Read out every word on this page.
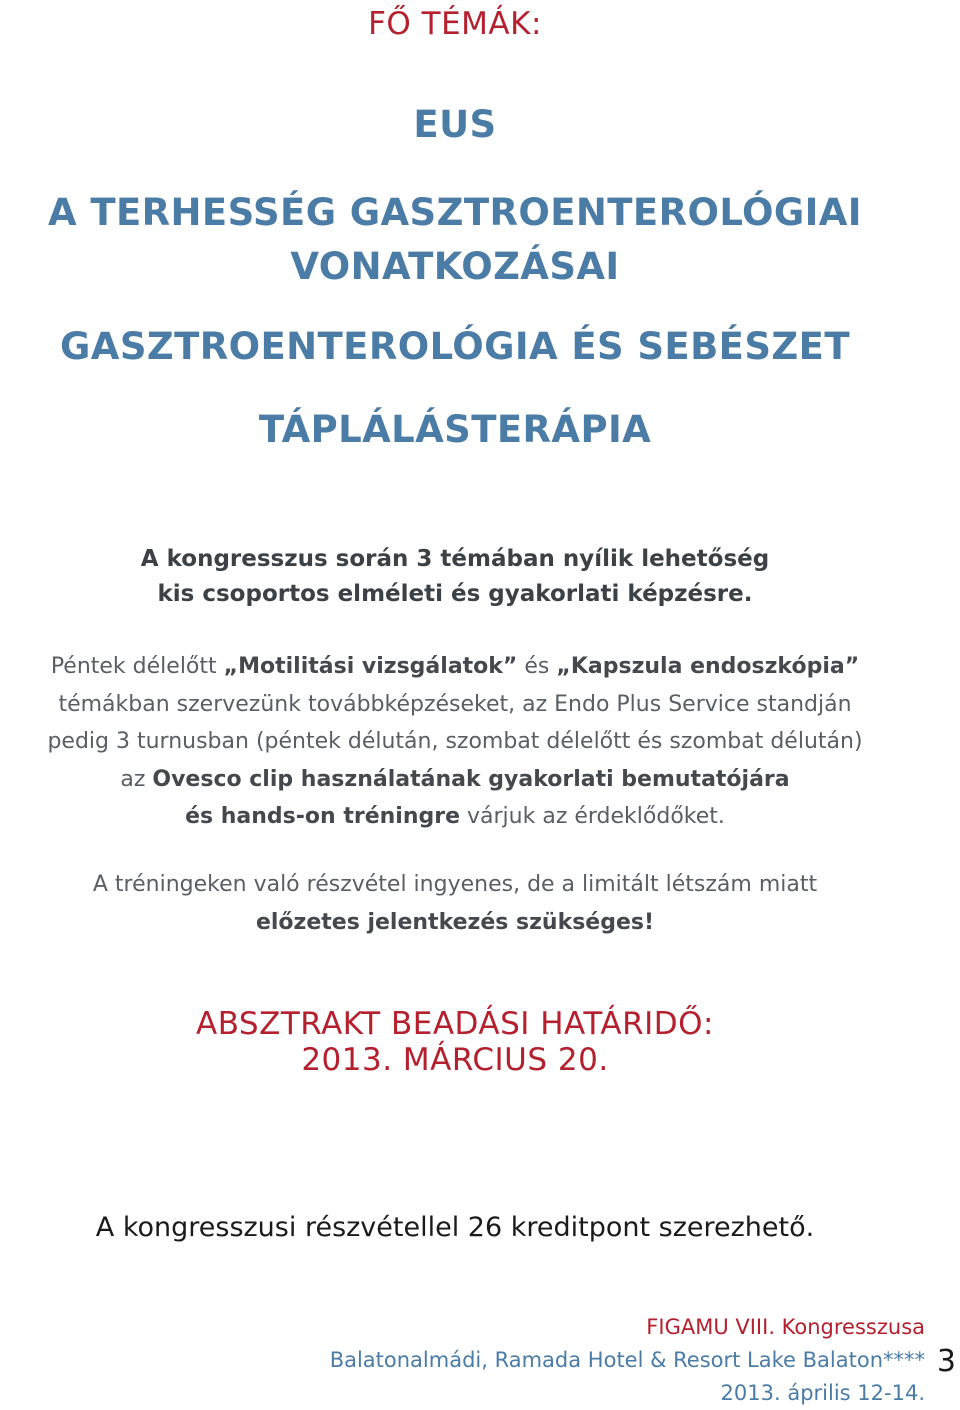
FŐ TÉMÁK:
EUS
A TERHESSÉG GASZTROENTEROLÓGIAI
VONATKOZÁSAI
GASZTROENTEROLÓGIA ÉS SEBÉSZET
TÁPLÁLÁSTERÁPIA
A kongresszus során 3 témában nyílik lehetőség
kis csoportos elméleti és gyakorlati képzésre.
Péntek délelőtt „Motilitási vizsgálatok” és „Kapszula endoszkópia”
témákban szervezünk továbbképzéseket, az Endo Plus Service standján
pedig 3 turnusban (péntek délután, szombat délelőtt és szombat délután)
az Ovesco clip használatának gyakorlati bemutatójára
és hands-on tréningre várjuk az érdeklődőket.
A tréningeken való részvétel ingyenes, de a limitált létszám miatt
előzetes jelentkezés szükséges!
ABSZTRAKT BEADÁSI HATÁRIDŐ:
2013. MÁRCIUS 20.
A kongresszusi részvétellel 26 kreditpont szerezhető.
FIGAMU VIII. Kongresszusa
Balatonalmádi, Ramada Hotel & Resort Lake Balaton****
2013. április 12-14.
3
